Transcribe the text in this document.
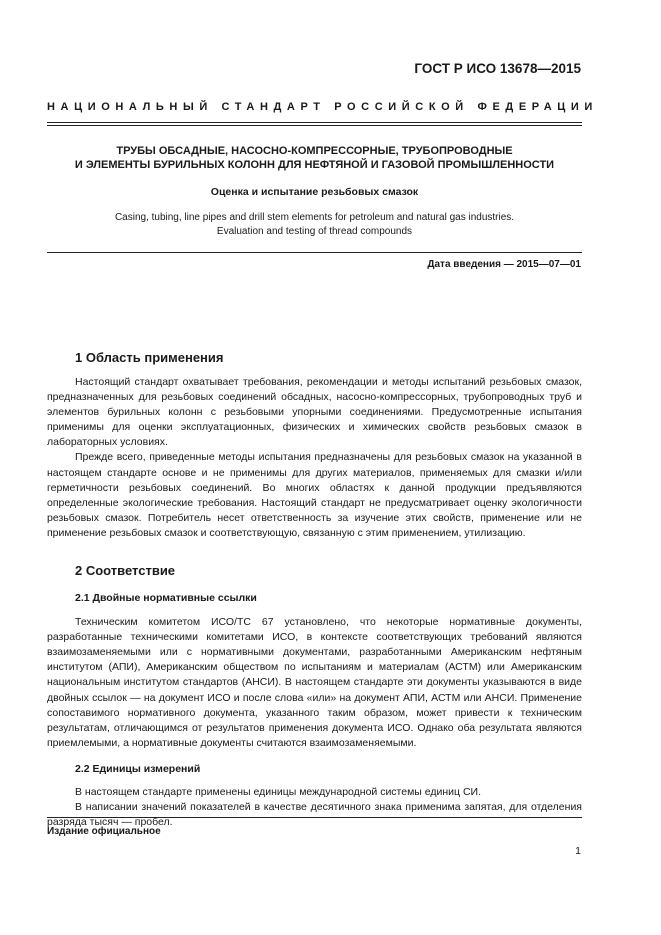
ГОСТ Р ИСО 13678—2015

НАЦИОНАЛЬНЫЙ СТАНДАРТ РОССИЙСКОЙ ФЕДЕРАЦИИ

ТРУБЫ ОБСАДНЫЕ, НАСОСНО-КОМПРЕССОРНЫЕ, ТРУБОПРОВОДНЫЕ
И ЭЛЕМЕНТЫ БУРИЛЬНЫХ КОЛОНН ДЛЯ НЕФТЯНОЙ И ГАЗОВОЙ ПРОМЫШЛЕННОСТИ

Оценка и испытание резьбовых смазок

Casing, tubing, line pipes and drill stem elements for petroleum and natural gas industries.
Evaluation and testing of thread compounds

Дата введения — 2015—07—01

1 Область применения

Настоящий стандарт охватывает требования, рекомендации и методы испытаний резьбовых смазок, предназначенных для резьбовых соединений обсадных, насосно-компрессорных, трубопроводных труб и элементов бурильных колонн с резьбовыми упорными соединениями. Предусмотренные испытания применимы для оценки эксплуатационных, физических и химических свойств резьбовых смазок в лабораторных условиях.

Прежде всего, приведенные методы испытания предназначены для резьбовых смазок на указанной в настоящем стандарте основе и не применимы для других материалов, применяемых для смазки и/или герметичности резьбовых соединений. Во многих областях к данной продукции предъявляются определенные экологические требования. Настоящий стандарт не предусматривает оценку экологичности резьбовых смазок. Потребитель несет ответственность за изучение этих свойств, применение или не применение резьбовых смазок и соответствующую, связанную с этим применением, утилизацию.

2 Соответствие
2.1 Двойные нормативные ссылки

Техническим комитетом ИСО/ТС 67 установлено, что некоторые нормативные документы, разработанные техническими комитетами ИСО, в контексте соответствующих требований являются взаимозаменяемыми или с нормативными документами, разработанными Американским нефтяным институтом (АПИ), Американским обществом по испытаниям и материалам (АСТМ) или Американским национальным институтом стандартов (АНСИ). В настоящем стандарте эти документы указываются в виде двойных ссылок — на документ ИСО и после слова «или» на документ АПИ, АСТМ или АНСИ. Применение сопоставимого нормативного документа, указанного таким образом, может привести к техническим результатам, отличающимся от результатов применения документа ИСО. Однако оба результата являются приемлемыми, а нормативные документы считаются взаимозаменяемыми.

2.2 Единицы измерений

В настоящем стандарте применены единицы международной системы единиц СИ.

В написании значений показателей в качестве десятичного знака применима запятая, для отделения разряда тысяч — пробел.

Издание официальное

1
